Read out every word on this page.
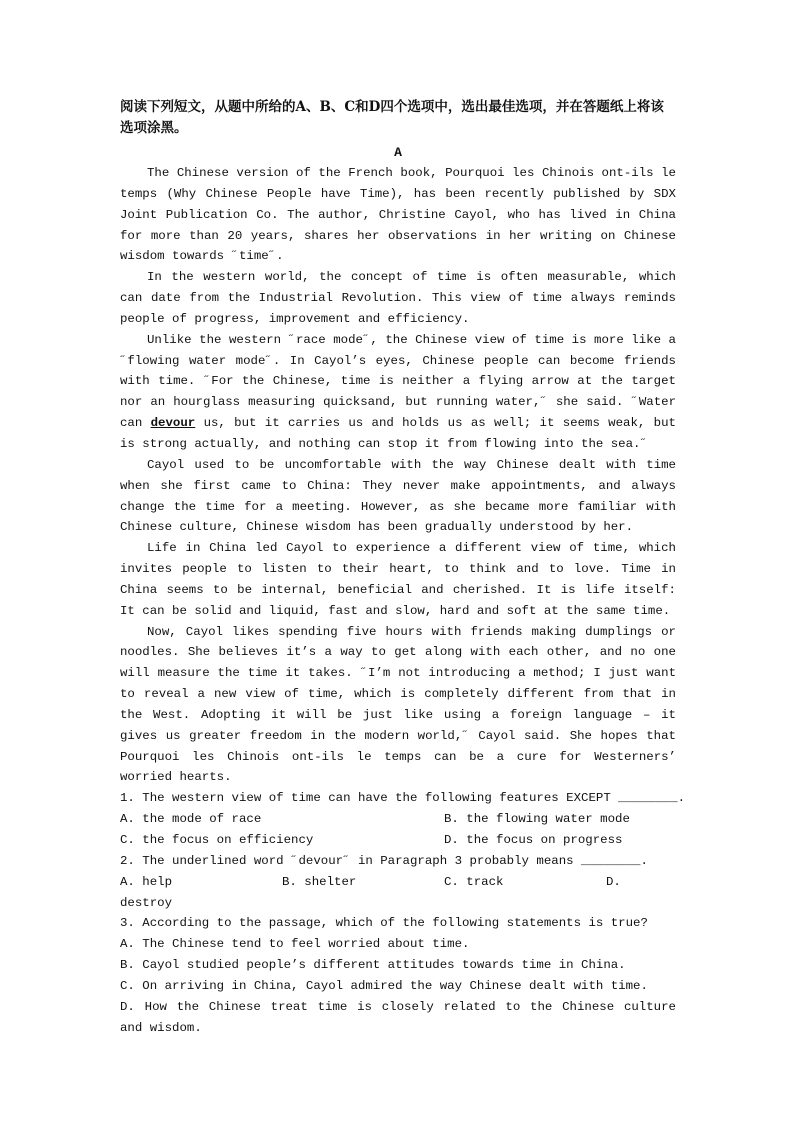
阅读下列短文，从题中所给的A、B、C和D四个选项中，选出最佳选项，并在答题纸上将该选项涂黑。

A

The Chinese version of the French book, Pourquoi les Chinois ont-ils le temps (Why Chinese People have Time), has been recently published by SDX Joint Publication Co. The author, Christine Cayol, who has lived in China for more than 20 years, shares her observations in her writing on Chinese wisdom towards ˝time˝.

In the western world, the concept of time is often measurable, which can date from the Industrial Revolution. This view of time always reminds people of progress, improvement and efficiency.

Unlike the western ˝race mode˝, the Chinese view of time is more like a ˝flowing water mode˝. In Cayol’s eyes, Chinese people can become friends with time. ˝For the Chinese, time is neither a flying arrow at the target nor an hourglass measuring quicksand, but running water,˝ she said. ˝Water can devour us, but it carries us and holds us as well; it seems weak, but is strong actually, and nothing can stop it from flowing into the sea.˝

Cayol used to be uncomfortable with the way Chinese dealt with time when she first came to China: They never make appointments, and always change the time for a meeting. However, as she became more familiar with Chinese culture, Chinese wisdom has been gradually understood by her.

Life in China led Cayol to experience a different view of time, which invites people to listen to their heart, to think and to love. Time in China seems to be internal, beneficial and cherished. It is life itself: It can be solid and liquid, fast and slow, hard and soft at the same time.

Now, Cayol likes spending five hours with friends making dumplings or noodles. She believes it’s a way to get along with each other, and no one will measure the time it takes. ˝I’m not introducing a method; I just want to reveal a new view of time, which is completely different from that in the West. Adopting it will be just like using a foreign language – it gives us greater freedom in the modern world,˝ Cayol said. She hopes that Pourquoi les Chinois ont-ils le temps can be a cure for Westerners’ worried hearts.

1. The western view of time can have the following features EXCEPT ________.

A. the mode of race	B. the flowing water mode
C. the focus on efficiency	D. the focus on progress

2. The underlined word ˝devour˝ in Paragraph 3 probably means ________.

A. help	B. shelter	C. track	D.

destroy

3. According to the passage, which of the following statements is true?

A. The Chinese tend to feel worried about time.

B. Cayol studied people’s different attitudes towards time in China.

C. On arriving in China, Cayol admired the way Chinese dealt with time.

D. How the Chinese treat time is closely related to the Chinese culture and wisdom.
